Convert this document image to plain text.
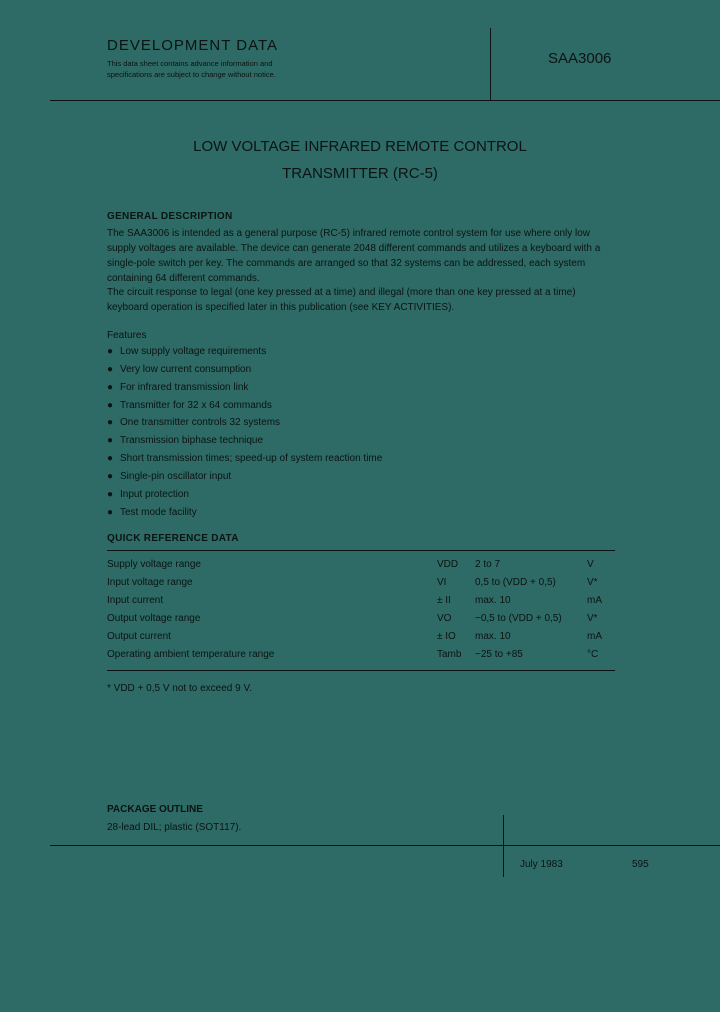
DEVELOPMENT DATA
This data sheet contains advance information and
specifications are subject to change without notice.
SAA3006
LOW VOLTAGE INFRARED REMOTE CONTROL
TRANSMITTER (RC-5)
GENERAL DESCRIPTION
The SAA3006 is intended as a general purpose (RC-5) infrared remote control system for use where only low supply voltages are available. The device can generate 2048 different commands and utilizes a keyboard with a single-pole switch per key. The commands are arranged so that 32 systems can be addressed, each system containing 64 different commands.
The circuit response to legal (one key pressed at a time) and illegal (more than one key pressed at a time) keyboard operation is specified later in this publication (see KEY ACTIVITIES).
Features
● Low supply voltage requirements
● Very low current consumption
● For infrared transmission link
● Transmitter for 32 x 64 commands
● One transmitter controls 32 systems
● Transmission biphase technique
● Short transmission times; speed-up of system reaction time
● Single-pin oscillator input
● Input protection
● Test mode facility
QUICK REFERENCE DATA
Supply voltage range	VDD 2 to 7	V
Input voltage range	VI	0,5 to (VDD + 0,5)	V*
Input current	± II max. 10	mA
Output voltage range	VO −0,5 to (VDD + 0,5)	V*
Output current	± IO max. 10	mA
Operating ambient temperature range	Tamb −25 to +85	°C
* VDD + 0,5 V not to exceed 9 V.
PACKAGE OUTLINE
28-lead DIL; plastic (SOT117).
July 1983	595
